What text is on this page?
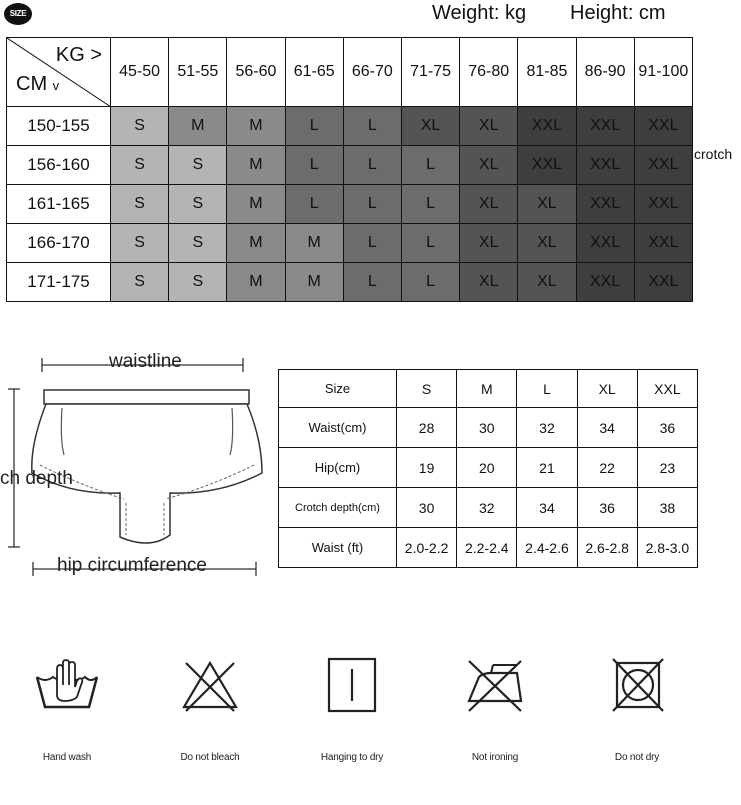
SIZE	Weight: kg Height: cm
KG >
CM v	45-50	51-55	56-60	61-65	66-70	71-75	76-80	81-85	86-90	91-100
150-155	S	M	M	L	L	XL	XL	XXL	XXL	XXL
156-160	S	S	M	L	L	L	XL	XXL	XXL	XXL
161-165	S	S	M	L	L	L	XL	XL	XXL	XXL
166-170	S	S	M	M	L	L	XL	XL	XXL	XXL
171-175	S	S	M	M	L	L	XL	XL	XXL	XXL
crotch
waistline
ch depth
hip circumference
Size	S	M	L	XL	XXL
Waist(cm)	28	30	32	34	36
Hip(cm)	19	20	21	22	23
Crotch depth(cm)	30	32	34	36	38
Waist (ft)	2.0-2.2	2.2-2.4	2.4-2.6	2.6-2.8	2.8-3.0
Hand wash	Do not bleach	Hanging to dry	Not ironing	Do not dry
